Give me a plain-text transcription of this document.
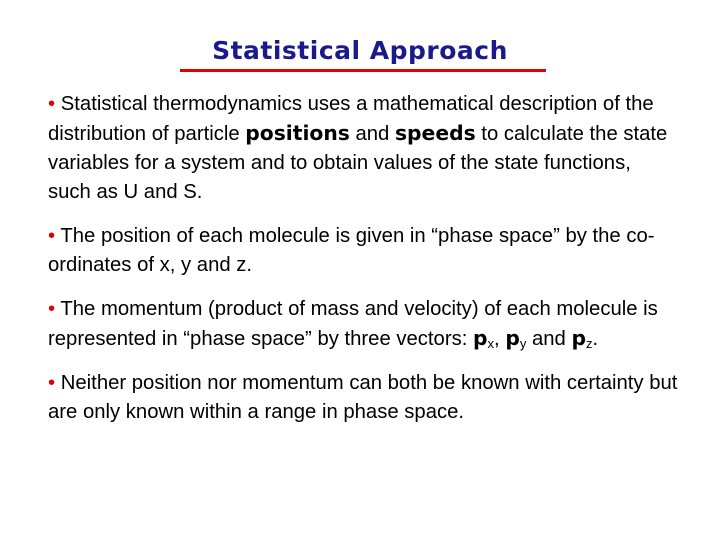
Statistical Approach

• Statistical thermodynamics uses a mathematical description of the distribution of particle positions and speeds to calculate the state variables for a system and to obtain values of the state functions, such as U and S.

• The position of each molecule is given in “phase space” by the co-ordinates of x, y and z.

• The momentum (product of mass and velocity) of each molecule is represented in “phase space” by three vectors: $p_x$, $p_y$ and $p_z$.

• Neither position nor momentum can both be known with certainty but are only known within a range in phase space.
